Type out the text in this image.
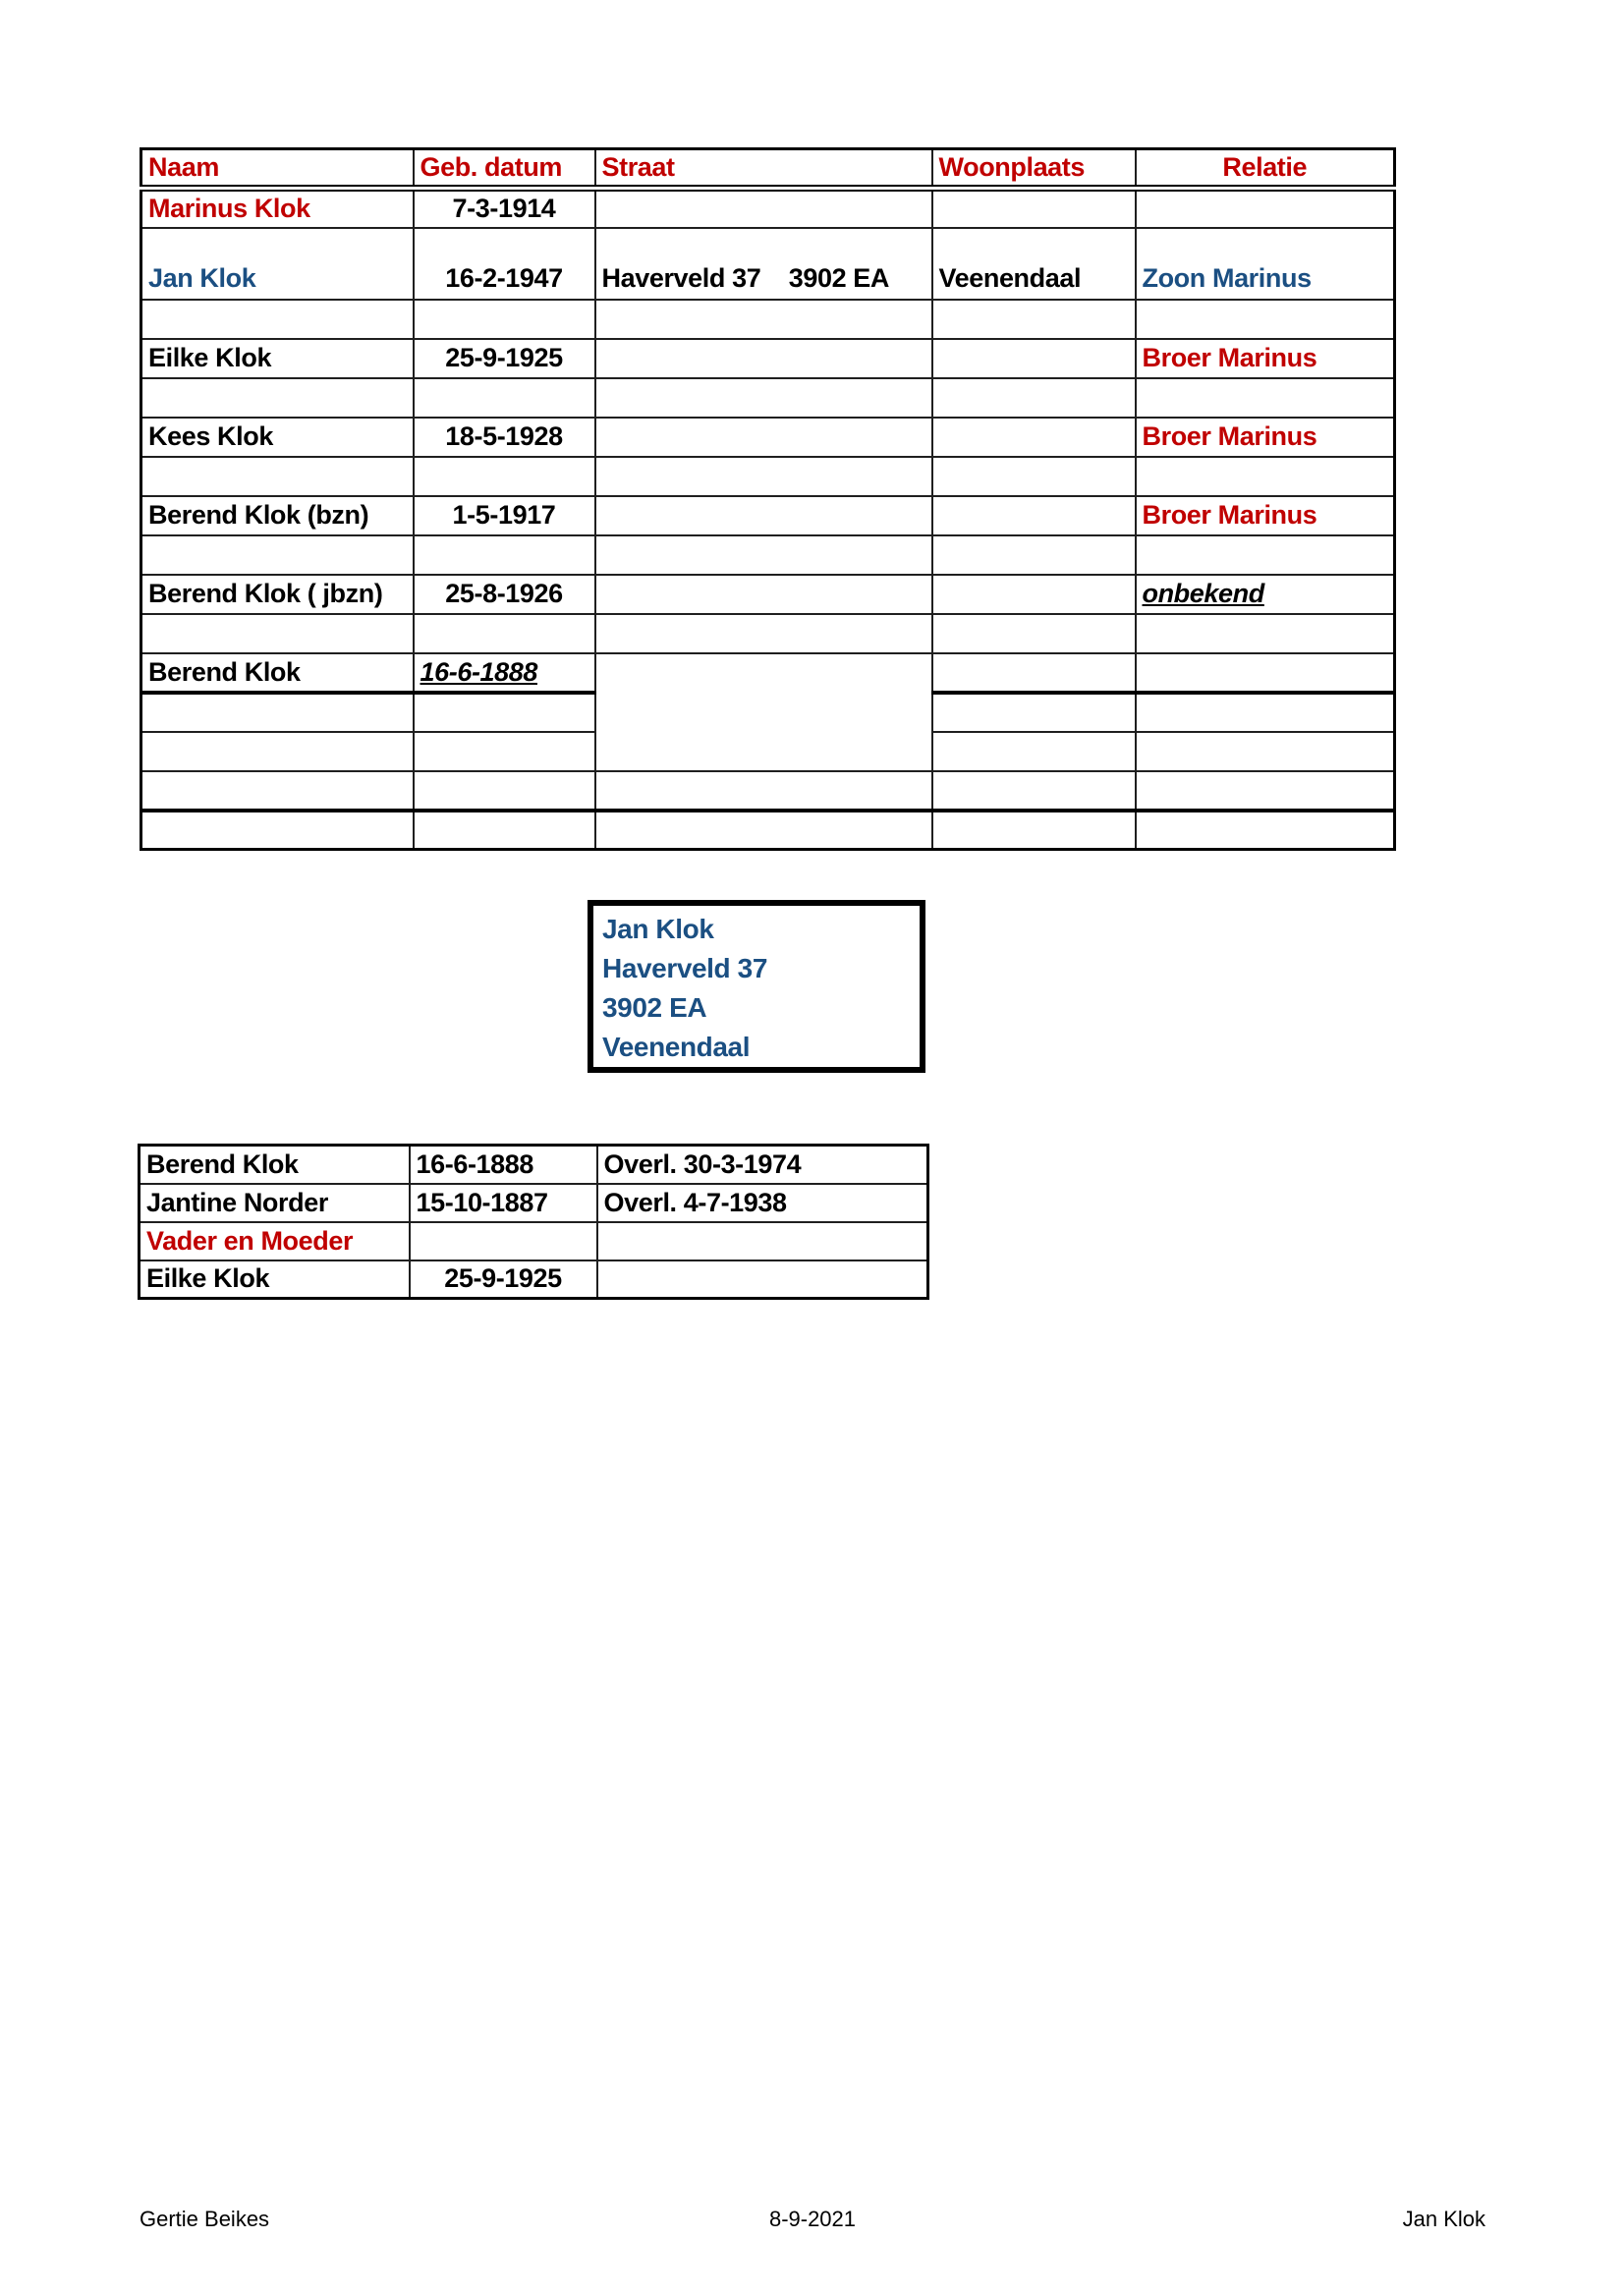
Naam	Geb. datum	Straat	Woonplaats	Relatie
Marinus Klok	7-3-1914			
Jan Klok	16-2-1947	Haverveld 37    3902 EA	Veenendaal	Zoon Marinus

Eilke Klok	25-9-1925			Broer Marinus

Kees Klok	18-5-1928			Broer Marinus

Berend Klok (bzn)	1-5-1917			Broer Marinus

Berend Klok ( jbzn)	25-8-1926			onbekend

Berend Klok	16-6-1888			

Jan Klok
Haverveld 37
3902 EA
Veenendaal
Berend Klok	16-6-1888	Overl. 30-3-1974
Jantine Norder	15-10-1887	Overl. 4-7-1938
Vader en Moeder		
Eilke Klok	25-9-1925	
Gertie Beikes	8-9-2021	Jan Klok
